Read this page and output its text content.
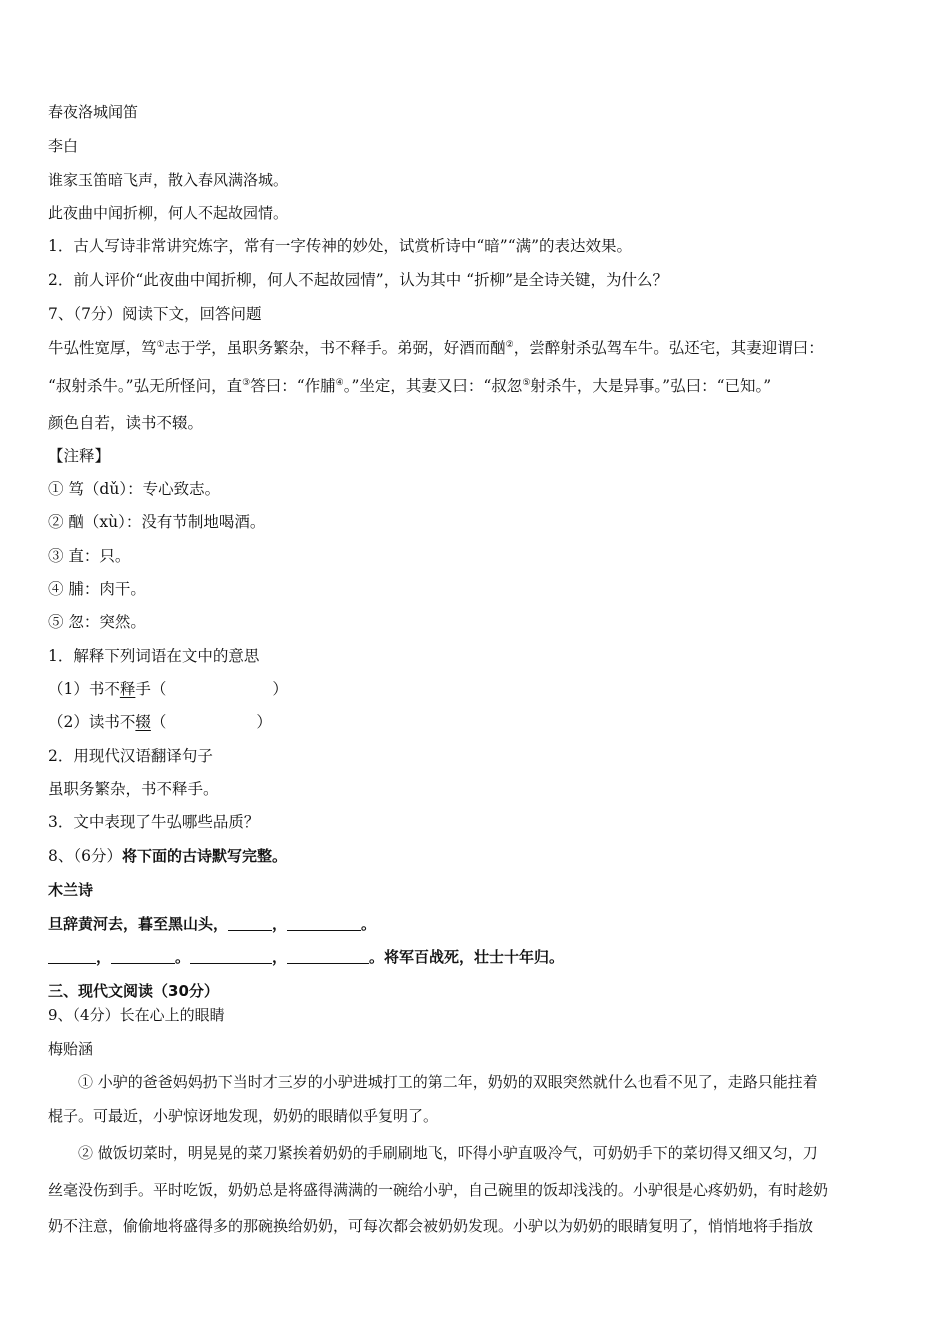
春夜洛城闻笛
李白
谁家玉笛暗飞声，散入春风满洛城。
此夜曲中闻折柳，何人不起故园情。
1．古人写诗非常讲究炼字，常有一字传神的妙处，试赏析诗中“暗”“满”的表达效果。
2．前人评价“此夜曲中闻折柳，何人不起故园情”，认为其中 “折柳”是全诗关键，为什么？
7、（7分）阅读下文，回答问题
牛弘性宽厚，笃①志于学，虽职务繁杂，书不释手。弟弼，好酒而酗②，尝醉射杀弘驾车牛。弘还宅，其妻迎谓曰：
“叔射杀牛。”弘无所怪问，直③答曰：“作脯④。”坐定，其妻又曰：“叔忽⑤射杀牛，大是异事。”弘曰：“已知。”
颜色自若，读书不辍。
【注释】
① 笃（dǔ）：专心致志。
② 酗（xù）：没有节制地喝酒。
③ 直：只。
④ 脯：肉干。
⑤ 忽：突然。
1．解释下列词语在文中的意思
（1）书不释手（	）
（2）读书不辍（	）
2．用现代汉语翻译句子
虽职务繁杂，书不释手。
3．文中表现了牛弘哪些品质？
8、（6分）将下面的古诗默写完整。
木兰诗
旦辞黄河去，暮至黑山头，	，	。
，	。	，	。将军百战死，壮士十年归。
三、现代文阅读（30分）
9、（4分）长在心上的眼睛
梅贻涵
① 小驴的爸爸妈妈扔下当时才三岁的小驴进城打工的第二年，奶奶的双眼突然就什么也看不见了，走路只能拄着
棍子。可最近，小驴惊讶地发现，奶奶的眼睛似乎复明了。
② 做饭切菜时，明晃晃的菜刀紧挨着奶奶的手刷刷地飞，吓得小驴直吸冷气，可奶奶手下的菜切得又细又匀，刀
丝毫没伤到手。平时吃饭，奶奶总是将盛得满满的一碗给小驴，自己碗里的饭却浅浅的。小驴很是心疼奶奶，有时趁奶
奶不注意，偷偷地将盛得多的那碗换给奶奶，可每次都会被奶奶发现。小驴以为奶奶的眼睛复明了，悄悄地将手指放
